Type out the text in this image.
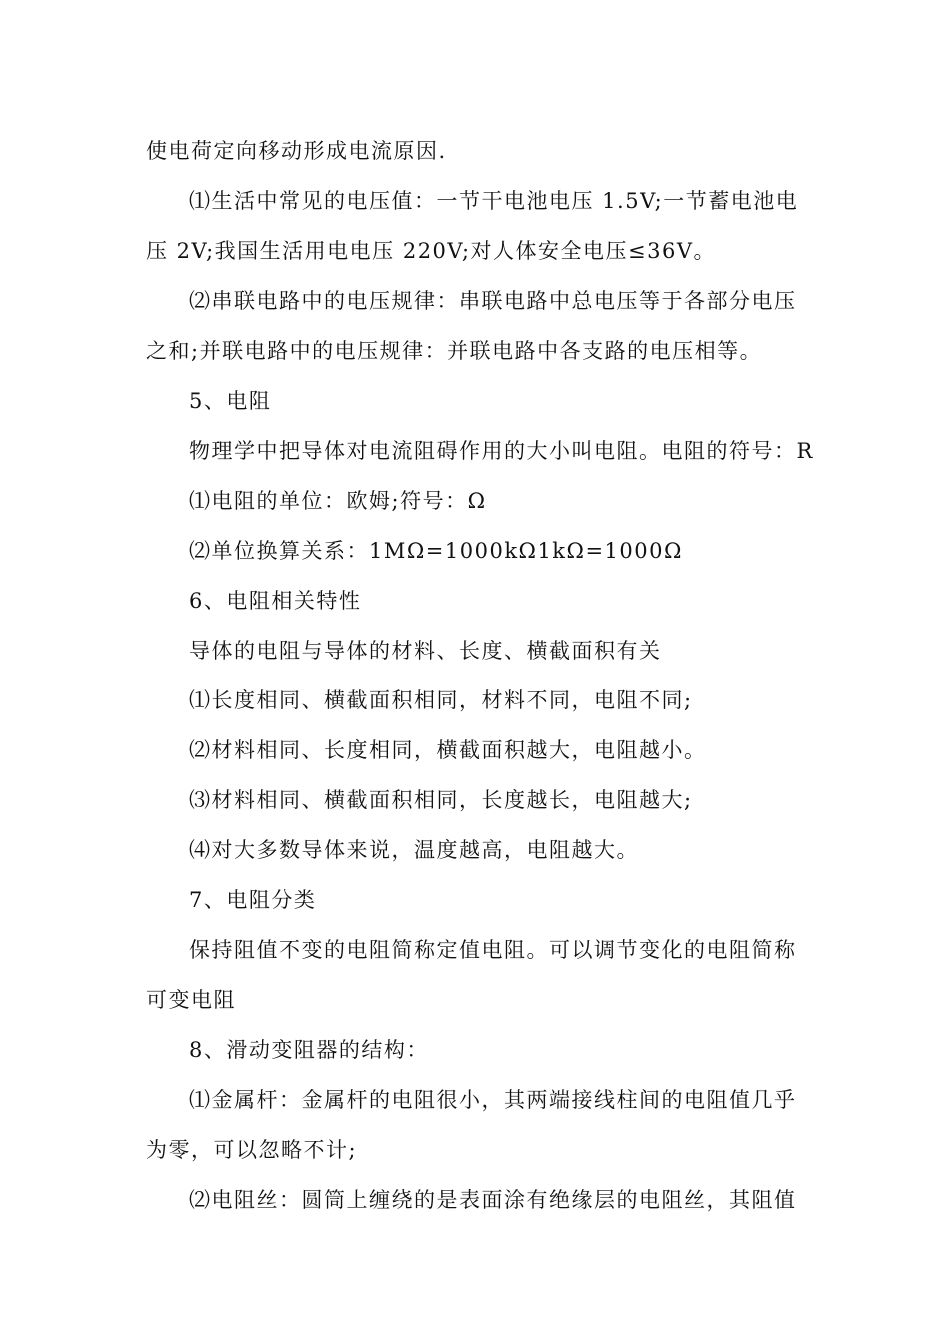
使电荷定向移动形成电流原因.
⑴生活中常见的电压值：一节干电池电压 1.5V;一节蓄电池电
压 2V;我国生活用电电压 220V;对人体安全电压≤36V。
⑵串联电路中的电压规律：串联电路中总电压等于各部分电压
之和;并联电路中的电压规律：并联电路中各支路的电压相等。
5、电阻
物理学中把导体对电流阻碍作用的大小叫电阻。电阻的符号：R
⑴电阻的单位：欧姆;符号：Ω
⑵单位换算关系：1MΩ=1000kΩ1kΩ=1000Ω
6、电阻相关特性
导体的电阻与导体的材料、长度、横截面积有关
⑴长度相同、横截面积相同，材料不同，电阻不同;
⑵材料相同、长度相同，横截面积越大，电阻越小。
⑶材料相同、横截面积相同，长度越长，电阻越大;
⑷对大多数导体来说，温度越高，电阻越大。
7、电阻分类
保持阻值不变的电阻简称定值电阻。可以调节变化的电阻简称
可变电阻
8、滑动变阻器的结构：
⑴金属杆：金属杆的电阻很小，其两端接线柱间的电阻值几乎
为零，可以忽略不计;
⑵电阻丝：圆筒上缠绕的是表面涂有绝缘层的电阻丝，其阻值
